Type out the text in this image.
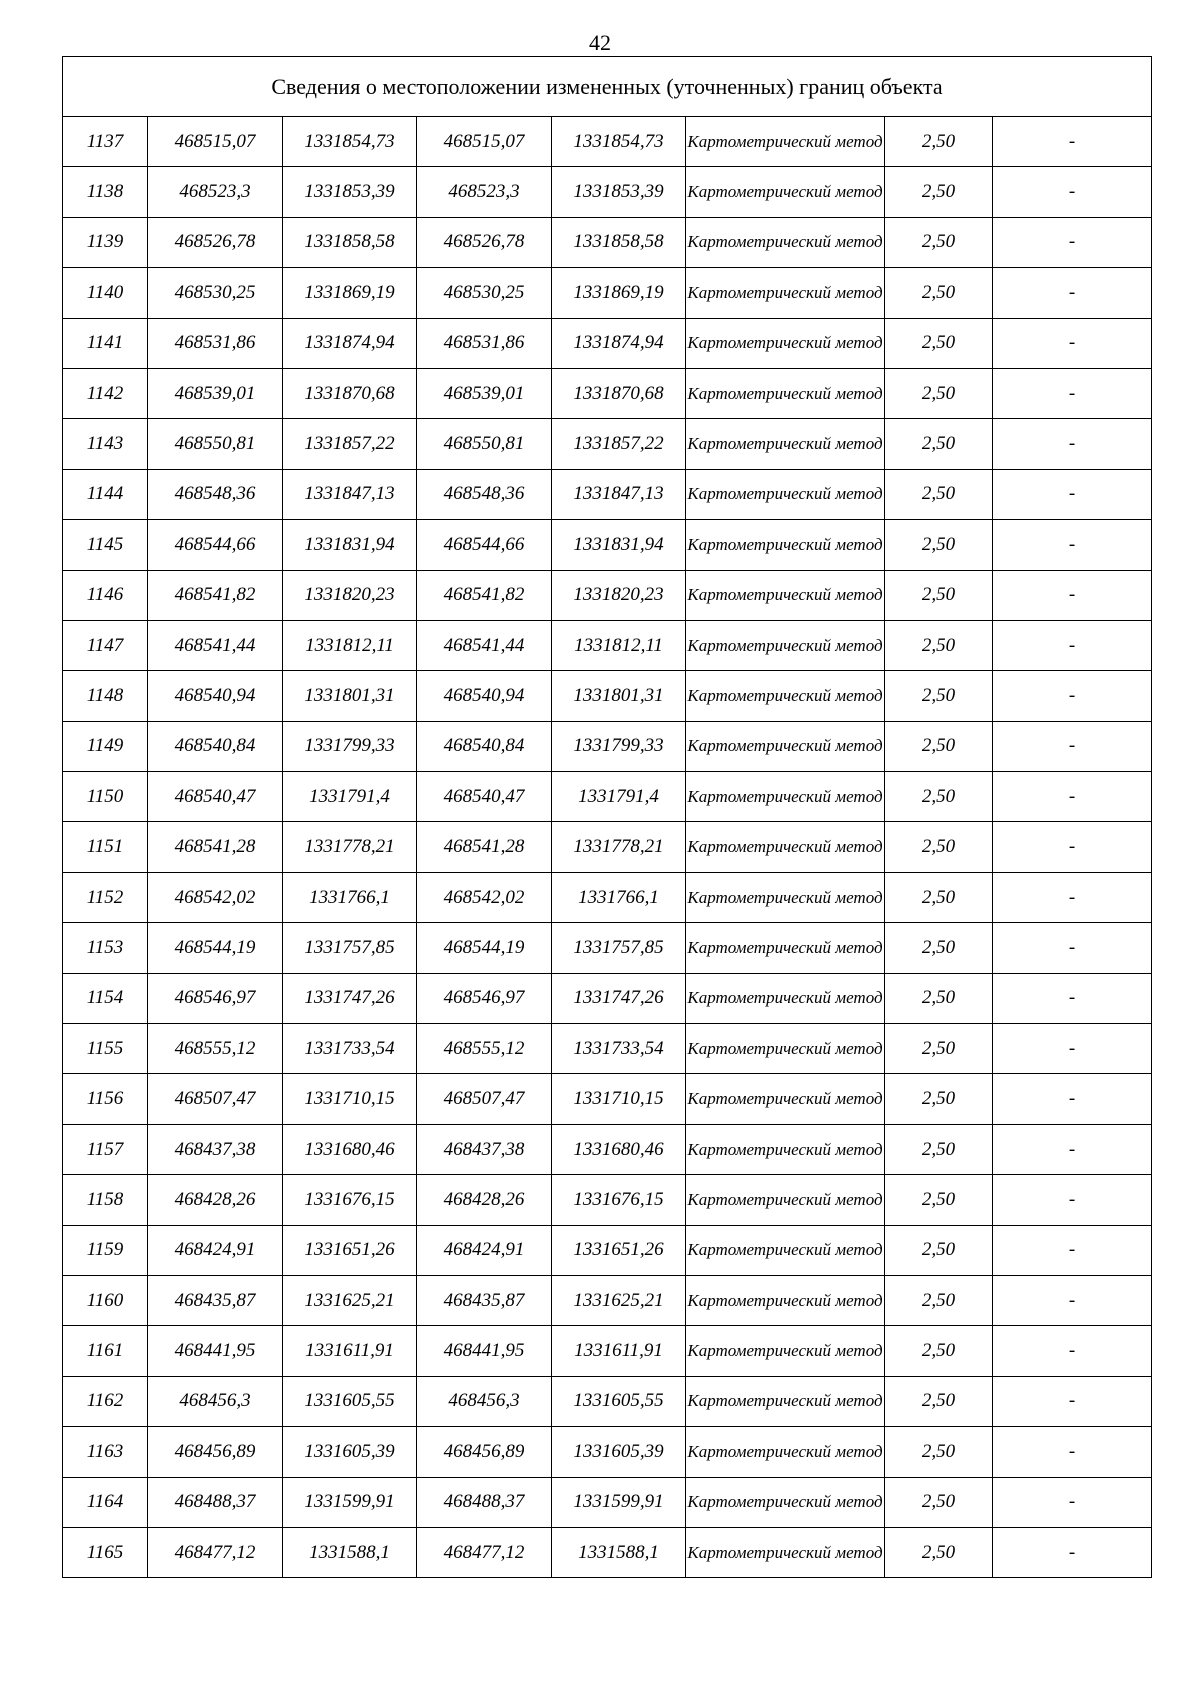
42
Сведения о местоположении измененных (уточненных) границ объекта							
1137	468515,07	1331854,73	468515,07	1331854,73	Картометрический метод	2,50	-
1138	468523,3	1331853,39	468523,3	1331853,39	Картометрический метод	2,50	-
1139	468526,78	1331858,58	468526,78	1331858,58	Картометрический метод	2,50	-
1140	468530,25	1331869,19	468530,25	1331869,19	Картометрический метод	2,50	-
1141	468531,86	1331874,94	468531,86	1331874,94	Картометрический метод	2,50	-
1142	468539,01	1331870,68	468539,01	1331870,68	Картометрический метод	2,50	-
1143	468550,81	1331857,22	468550,81	1331857,22	Картометрический метод	2,50	-
1144	468548,36	1331847,13	468548,36	1331847,13	Картометрический метод	2,50	-
1145	468544,66	1331831,94	468544,66	1331831,94	Картометрический метод	2,50	-
1146	468541,82	1331820,23	468541,82	1331820,23	Картометрический метод	2,50	-
1147	468541,44	1331812,11	468541,44	1331812,11	Картометрический метод	2,50	-
1148	468540,94	1331801,31	468540,94	1331801,31	Картометрический метод	2,50	-
1149	468540,84	1331799,33	468540,84	1331799,33	Картометрический метод	2,50	-
1150	468540,47	1331791,4	468540,47	1331791,4	Картометрический метод	2,50	-
1151	468541,28	1331778,21	468541,28	1331778,21	Картометрический метод	2,50	-
1152	468542,02	1331766,1	468542,02	1331766,1	Картометрический метод	2,50	-
1153	468544,19	1331757,85	468544,19	1331757,85	Картометрический метод	2,50	-
1154	468546,97	1331747,26	468546,97	1331747,26	Картометрический метод	2,50	-
1155	468555,12	1331733,54	468555,12	1331733,54	Картометрический метод	2,50	-
1156	468507,47	1331710,15	468507,47	1331710,15	Картометрический метод	2,50	-
1157	468437,38	1331680,46	468437,38	1331680,46	Картометрический метод	2,50	-
1158	468428,26	1331676,15	468428,26	1331676,15	Картометрический метод	2,50	-
1159	468424,91	1331651,26	468424,91	1331651,26	Картометрический метод	2,50	-
1160	468435,87	1331625,21	468435,87	1331625,21	Картометрический метод	2,50	-
1161	468441,95	1331611,91	468441,95	1331611,91	Картометрический метод	2,50	-
1162	468456,3	1331605,55	468456,3	1331605,55	Картометрический метод	2,50	-
1163	468456,89	1331605,39	468456,89	1331605,39	Картометрический метод	2,50	-
1164	468488,37	1331599,91	468488,37	1331599,91	Картометрический метод	2,50	-
1165	468477,12	1331588,1	468477,12	1331588,1	Картометрический метод	2,50	-
